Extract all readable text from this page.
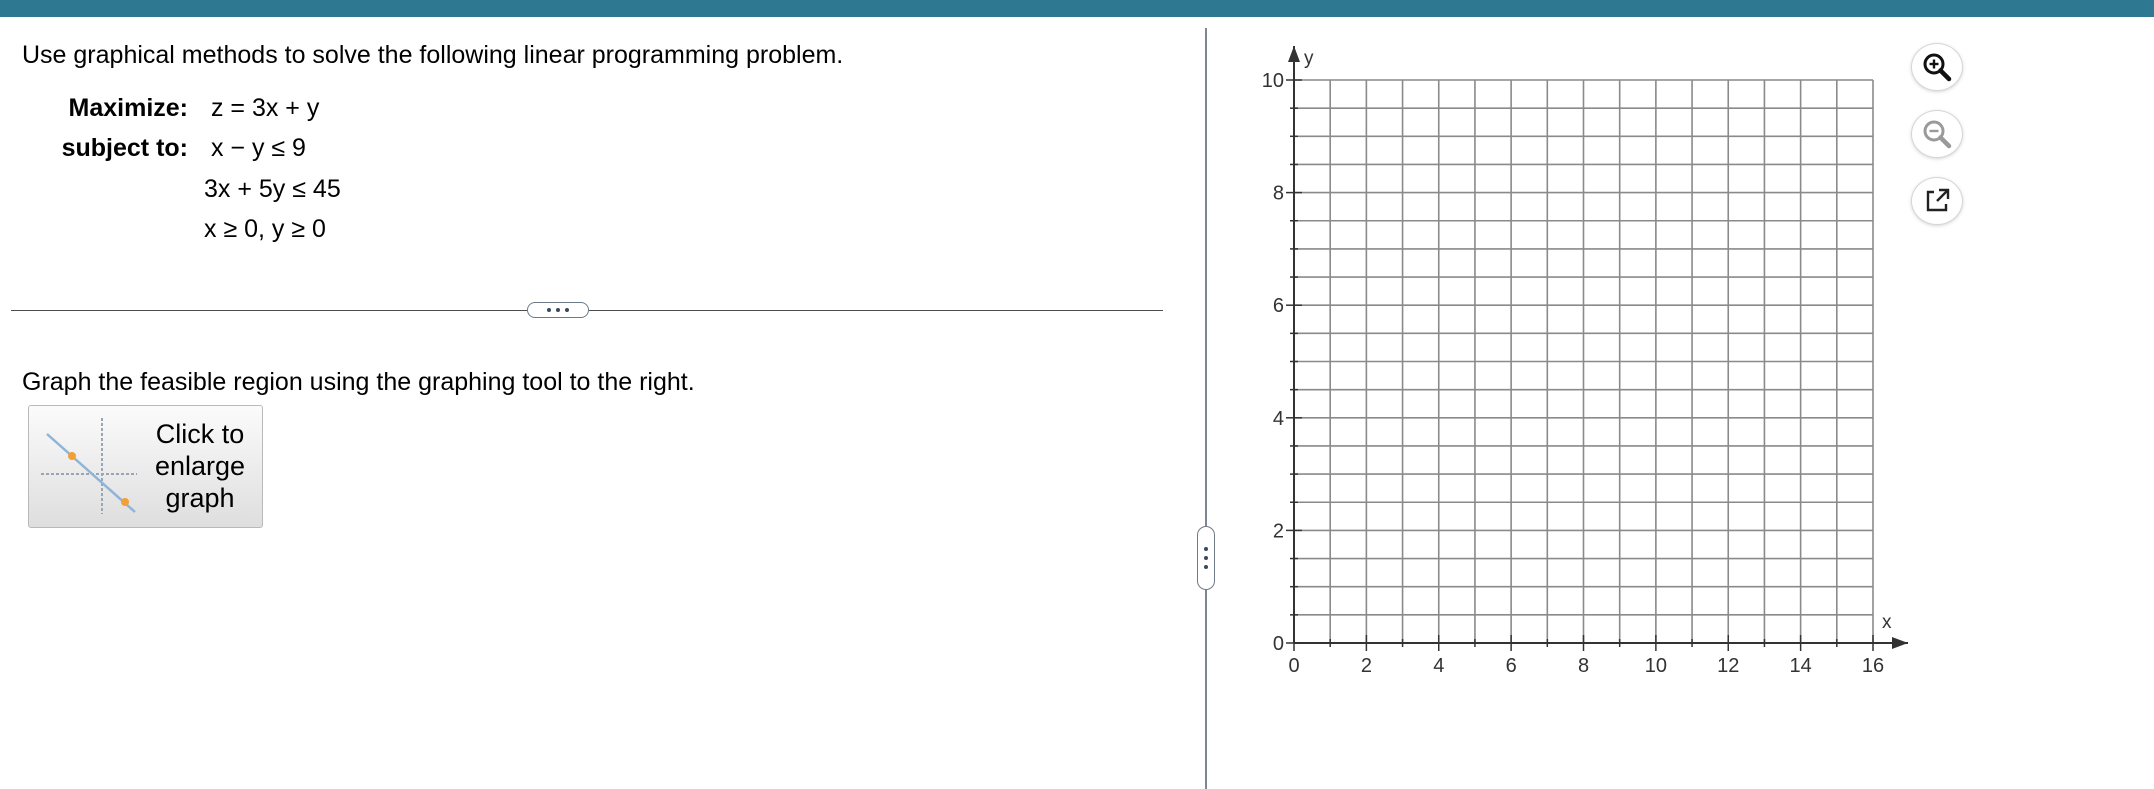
Use graphical methods to solve the following linear programming problem.
Maximize: z = 3x + y
subject to: x − y ≤ 9
3x + 5y ≤ 45
x ≥ 0, y ≥ 0
Graph the feasible region using the graphing tool to the right.
Click to enlarge graph
0	2	4	6	8	10	12	14	16
0
2
4
6
8
10
x
y
